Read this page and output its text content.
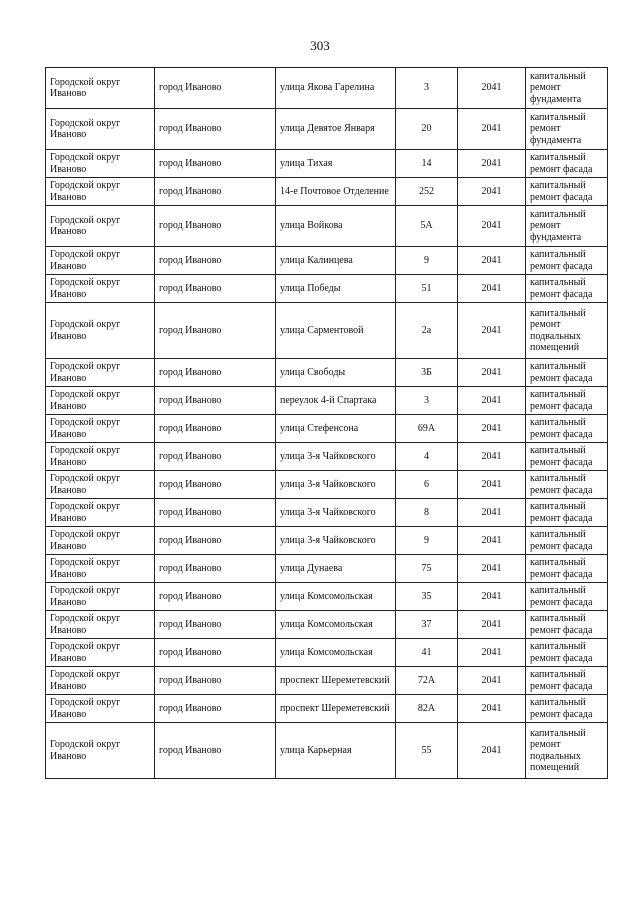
303
Городской округ Иваново	город Иваново	улица Якова Гарелина	3	2041	капитальный ремонт фундамента
Городской округ Иваново	город Иваново	улица Девятое Января	20	2041	капитальный ремонт фундамента
Городской округ Иваново	город Иваново	улица Тихая	14	2041	капитальный ремонт фасада
Городской округ Иваново	город Иваново	14-е Почтовое Отделение	252	2041	капитальный ремонт фасада
Городской округ Иваново	город Иваново	улица Войкова	5А	2041	капитальный ремонт фундамента
Городской округ Иваново	город Иваново	улица Калинцева	9	2041	капитальный ремонт фасада
Городской округ Иваново	город Иваново	улица Победы	51	2041	капитальный ремонт фасада
Городской округ Иваново	город Иваново	улица Сарментовой	2а	2041	капитальный ремонт подвальных помещений
Городской округ Иваново	город Иваново	улица Свободы	3Б	2041	капитальный ремонт фасада
Городской округ Иваново	город Иваново	переулок 4-й Спартака	3	2041	капитальный ремонт фасада
Городской округ Иваново	город Иваново	улица Стефенсона	69А	2041	капитальный ремонт фасада
Городской округ Иваново	город Иваново	улица 3-я Чайковского	4	2041	капитальный ремонт фасада
Городской округ Иваново	город Иваново	улица 3-я Чайковского	6	2041	капитальный ремонт фасада
Городской округ Иваново	город Иваново	улица 3-я Чайковского	8	2041	капитальный ремонт фасада
Городской округ Иваново	город Иваново	улица 3-я Чайковского	9	2041	капитальный ремонт фасада
Городской округ Иваново	город Иваново	улица Дунаева	75	2041	капитальный ремонт фасада
Городской округ Иваново	город Иваново	улица Комсомольская	35	2041	капитальный ремонт фасада
Городской округ Иваново	город Иваново	улица Комсомольская	37	2041	капитальный ремонт фасада
Городской округ Иваново	город Иваново	улица Комсомольская	41	2041	капитальный ремонт фасада
Городской округ Иваново	город Иваново	проспект Шереметевский	72А	2041	капитальный ремонт фасада
Городской округ Иваново	город Иваново	проспект Шереметевский	82А	2041	капитальный ремонт фасада
Городской округ Иваново	город Иваново	улица Карьерная	55	2041	капитальный ремонт подвальных помещений
